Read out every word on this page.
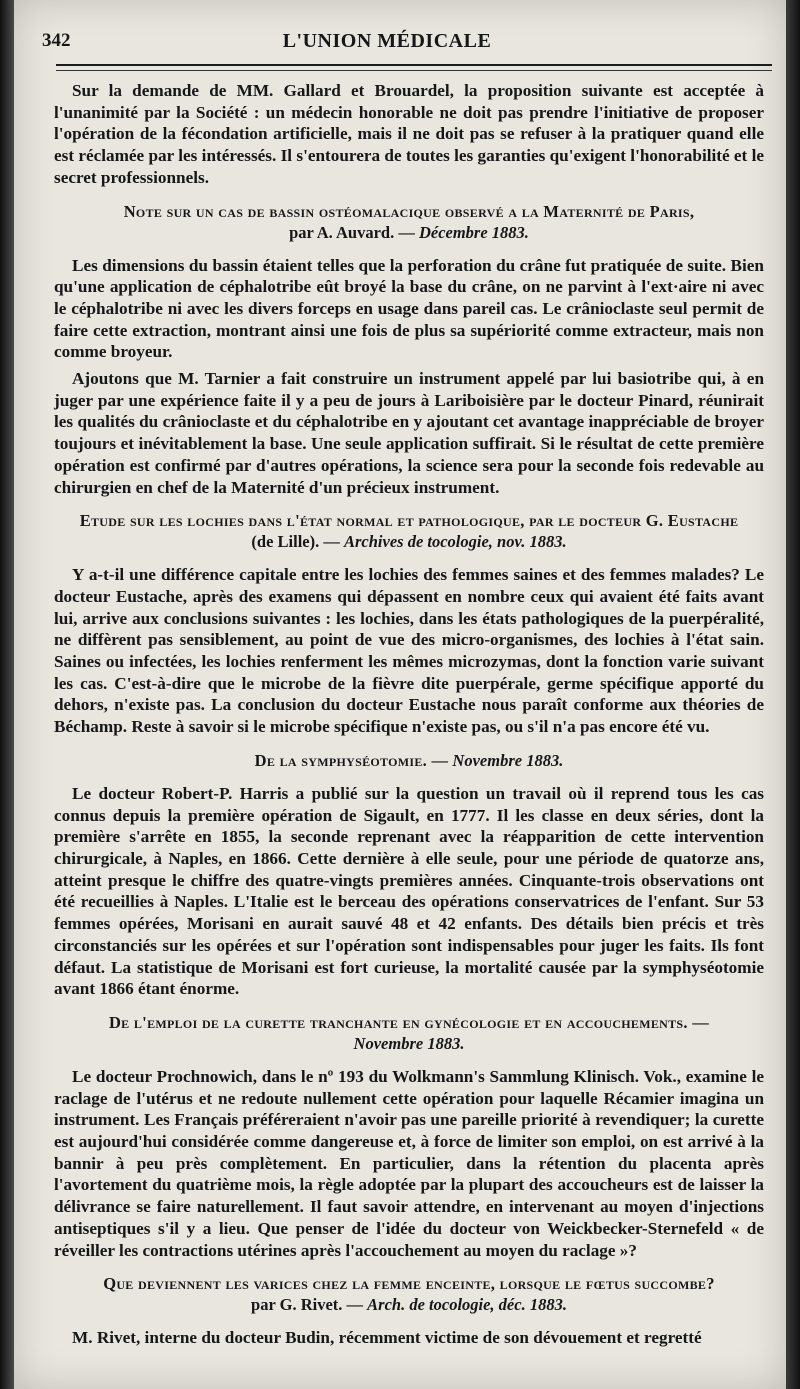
342	L'UNION MÉDICALE

Sur la demande de MM. Gallard et Brouardel, la proposition suivante est acceptée à l'unanimité par la Société : un médecin honorable ne doit pas prendre l'initiative de proposer l'opération de la fécondation artificielle, mais il ne doit pas se refuser à la pratiquer quand elle est réclamée par les intéressés. Il s'entourera de toutes les garanties qu'exigent l'honorabilité et le secret professionnels.

Note sur un cas de bassin ostéomalacique observé a la Maternité de Paris,
par A. Auvard. — Décembre 1883.

Les dimensions du bassin étaient telles que la perforation du crâne fut pratiquée de suite. Bien qu'une application de céphalotribe eût broyé la base du crâne, on ne parvint à l'ext·aire ni avec le céphalotribe ni avec les divers forceps en usage dans pareil cas. Le crânioclaste seul permit de faire cette extraction, montrant ainsi une fois de plus sa supériorité comme extracteur, mais non comme broyeur.

Ajoutons que M. Tarnier a fait construire un instrument appelé par lui basiotribe qui, à en juger par une expérience faite il y a peu de jours à Lariboisière par le docteur Pinard, réunirait les qualités du crânioclaste et du céphalotribe en y ajoutant cet avantage inappréciable de broyer toujours et inévitablement la base. Une seule application suffirait. Si le résultat de cette première opération est confirmé par d'autres opérations, la science sera pour la seconde fois redevable au chirurgien en chef de la Maternité d'un précieux instrument.

Etude sur les lochies dans l'état normal et pathologique, par le docteur G. Eustache
(de Lille). — Archives de tocologie, nov. 1883.

Y a-t-il une différence capitale entre les lochies des femmes saines et des femmes malades? Le docteur Eustache, après des examens qui dépassent en nombre ceux qui avaient été faits avant lui, arrive aux conclusions suivantes : les lochies, dans les états pathologiques de la puerpéralité, ne diffèrent pas sensiblement, au point de vue des micro-organismes, des lochies à l'état sain. Saines ou infectées, les lochies renferment les mêmes microzymas, dont la fonction varie suivant les cas. C'est-à-dire que le microbe de la fièvre dite puerpérale, germe spécifique apporté du dehors, n'existe pas. La conclusion du docteur Eustache nous paraît conforme aux théories de Béchamp. Reste à savoir si le microbe spécifique n'existe pas, ou s'il n'a pas encore été vu.

De la symphyséotomie. — Novembre 1883.

Le docteur Robert-P. Harris a publié sur la question un travail où il reprend tous les cas connus depuis la première opération de Sigault, en 1777. Il les classe en deux séries, dont la première s'arrête en 1855, la seconde reprenant avec la réapparition de cette intervention chirurgicale, à Naples, en 1866. Cette dernière à elle seule, pour une période de quatorze ans, atteint presque le chiffre des quatre-vingts premières années. Cinquante-trois observations ont été recueillies à Naples. L'Italie est le berceau des opérations conservatrices de l'enfant. Sur 53 femmes opérées, Morisani en aurait sauvé 48 et 42 enfants. Des détails bien précis et très circonstanciés sur les opérées et sur l'opération sont indispensables pour juger les faits. Ils font défaut. La statistique de Morisani est fort curieuse, la mortalité causée par la symphyséotomie avant 1866 étant énorme.

De l'emploi de la curette tranchante en gynécologie et en accouchements. —
Novembre 1883.

Le docteur Prochnowich, dans le nº 193 du Wolkmann's Sammlung Klinisch. Vok., examine le raclage de l'utérus et ne redoute nullement cette opération pour laquelle Récamier imagina un instrument. Les Français préféreraient n'avoir pas une pareille priorité à revendiquer; la curette est aujourd'hui considérée comme dangereuse et, à force de limiter son emploi, on est arrivé à la bannir à peu près complètement. En particulier, dans la rétention du placenta après l'avortement du quatrième mois, la règle adoptée par la plupart des accoucheurs est de laisser la délivrance se faire naturellement. Il faut savoir attendre, en intervenant au moyen d'injections antiseptiques s'il y a lieu. Que penser de l'idée du docteur von Weickbecker-Sternefeld « de réveiller les contractions utérines après l'accouchement au moyen du raclage »?

Que deviennent les varices chez la femme enceinte, lorsque le fœtus succombe?
par G. Rivet. — Arch. de tocologie, déc. 1883.

M. Rivet, interne du docteur Budin, récemment victime de son dévouement et regretté
